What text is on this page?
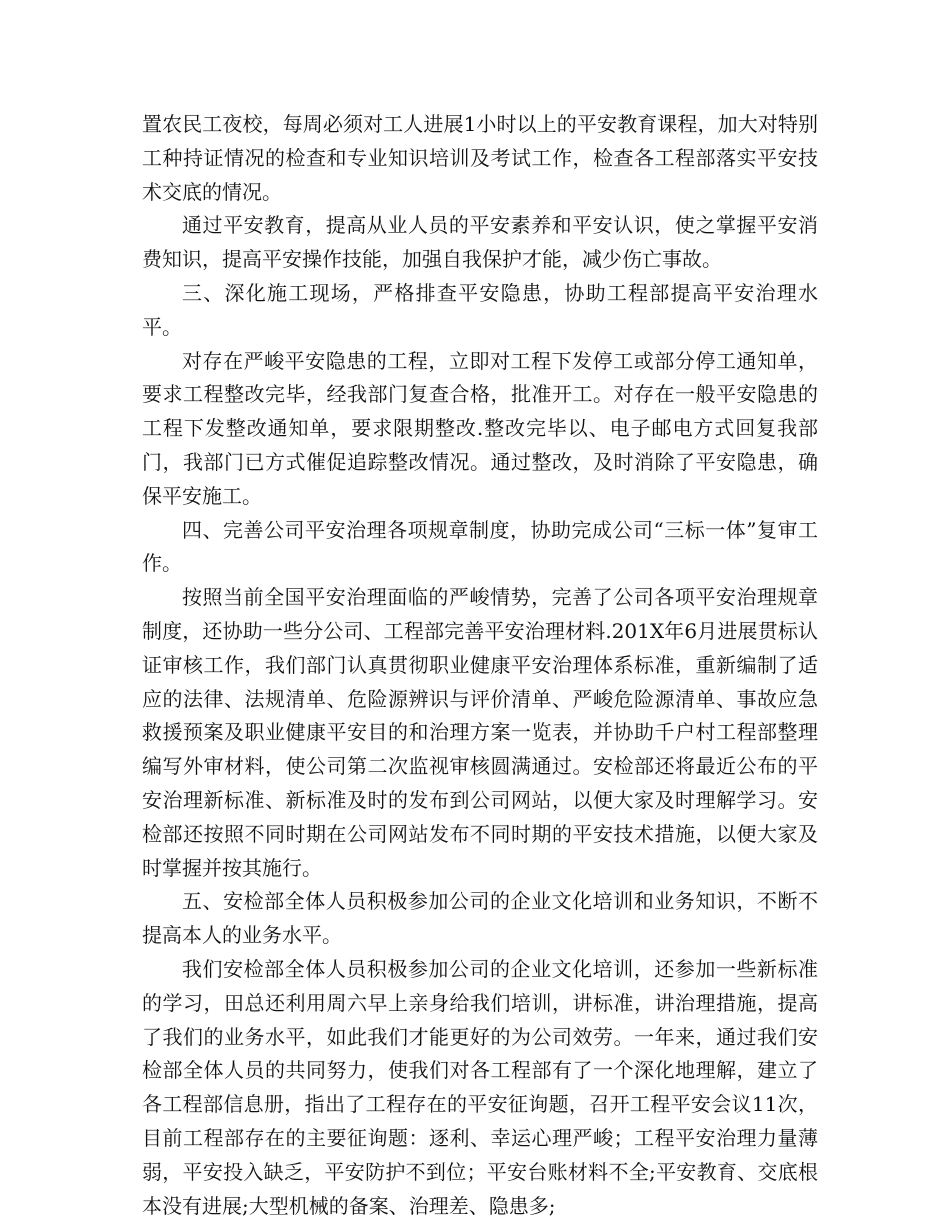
置农民工夜校，每周必须对工人进展1小时以上的平安教育课程，加大对特别工种持证情况的检查和专业知识培训及考试工作，检查各工程部落实平安技术交底的情况。

通过平安教育，提高从业人员的平安素养和平安认识，使之掌握平安消费知识，提高平安操作技能，加强自我保护才能，减少伤亡事故。

三、深化施工现场，严格排查平安隐患，协助工程部提高平安治理水平。

对存在严峻平安隐患的工程，立即对工程下发停工或部分停工通知单，要求工程整改完毕，经我部门复查合格，批准开工。对存在一般平安隐患的工程下发整改通知单，要求限期整改.整改完毕以、电子邮电方式回复我部门，我部门已方式催促追踪整改情况。通过整改，及时消除了平安隐患，确保平安施工。

四、完善公司平安治理各项规章制度，协助完成公司“三标一体”复审工作。

按照当前全国平安治理面临的严峻情势，完善了公司各项平安治理规章制度，还协助一些分公司、工程部完善平安治理材料.201X年6月进展贯标认证审核工作，我们部门认真贯彻职业健康平安治理体系标准，重新编制了适应的法律、法规清单、危险源辨识与评价清单、严峻危险源清单、事故应急救援预案及职业健康平安目的和治理方案一览表，并协助千户村工程部整理编写外审材料，使公司第二次监视审核圆满通过。安检部还将最近公布的平安治理新标准、新标准及时的发布到公司网站，以便大家及时理解学习。安检部还按照不同时期在公司网站发布不同时期的平安技术措施，以便大家及时掌握并按其施行。

五、安检部全体人员积极参加公司的企业文化培训和业务知识，不断不提高本人的业务水平。

我们安检部全体人员积极参加公司的企业文化培训，还参加一些新标准的学习，田总还利用周六早上亲身给我们培训，讲标准，讲治理措施，提高了我们的业务水平，如此我们才能更好的为公司效劳。一年来，通过我们安检部全体人员的共同努力，使我们对各工程部有了一个深化地理解，建立了各工程部信息册，指出了工程存在的平安征询题，召开工程平安会议11次，目前工程部存在的主要征询题：逐利、幸运心理严峻；工程平安治理力量薄弱，平安投入缺乏，平安防护不到位；平安台账材料不全;平安教育、交底根本没有进展;大型机械的备案、治理差、隐患多;
